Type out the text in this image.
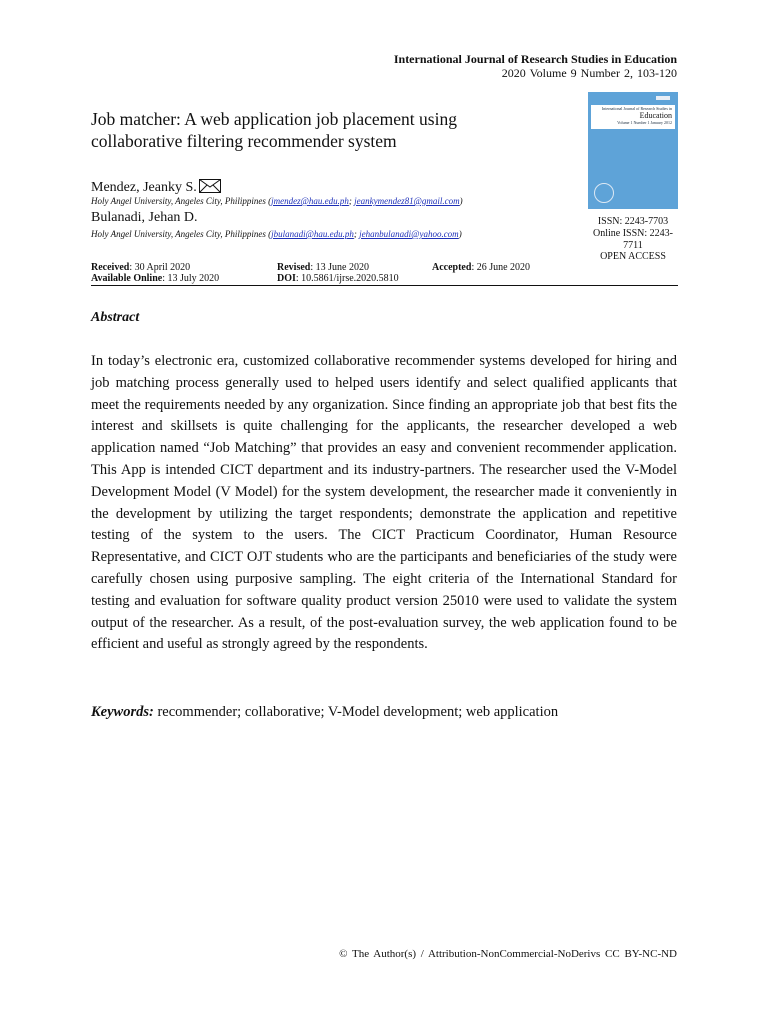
International Journal of Research Studies in Education
2020 Volume 9 Number 2, 103-120
Job matcher: A web application job placement using collaborative filtering recommender system
Mendez, Jeanky S.
Holy Angel University, Angeles City, Philippines (jmendez@hau.edu.ph; jeankymendez81@gmail.com)
Bulanadi, Jehan D.
Holy Angel University, Angeles City, Philippines (jbulanadi@hau.edu.ph; jehanbulanadi@yahoo.com)
International Journal of Research Studies in
Education
Volume 1 Number 1 January 2012
ISSN: 2243-7703
Online ISSN: 2243-7711
OPEN ACCESS
Received: 30 April 2020	Revised: 13 June 2020	Accepted: 26 June 2020
Available Online: 13 July 2020	DOI: 10.5861/ijrse.2020.5810
Abstract
In today’s electronic era, customized collaborative recommender systems developed for hiring and job matching process generally used to helped users identify and select qualified applicants that meet the requirements needed by any organization. Since finding an appropriate job that best fits the interest and skillsets is quite challenging for the applicants, the researcher developed a web application named “Job Matching” that provides an easy and convenient recommender application. This App is intended CICT department and its industry-partners. The researcher used the V-Model Development Model (V Model) for the system development, the researcher made it conveniently in the development by utilizing the target respondents; demonstrate the application and repetitive testing of the system to the users. The CICT Practicum Coordinator, Human Resource Representative, and CICT OJT students who are the participants and beneficiaries of the study were carefully chosen using purposive sampling. The eight criteria of the International Standard for testing and evaluation for software quality product version 25010 were used to validate the system output of the researcher. As a result, of the post-evaluation survey, the web application found to be efficient and useful as strongly agreed by the respondents.
Keywords: recommender; collaborative; V-Model development; web application
© The Author(s) / Attribution-NonCommercial-NoDerivs CC BY-NC-ND
